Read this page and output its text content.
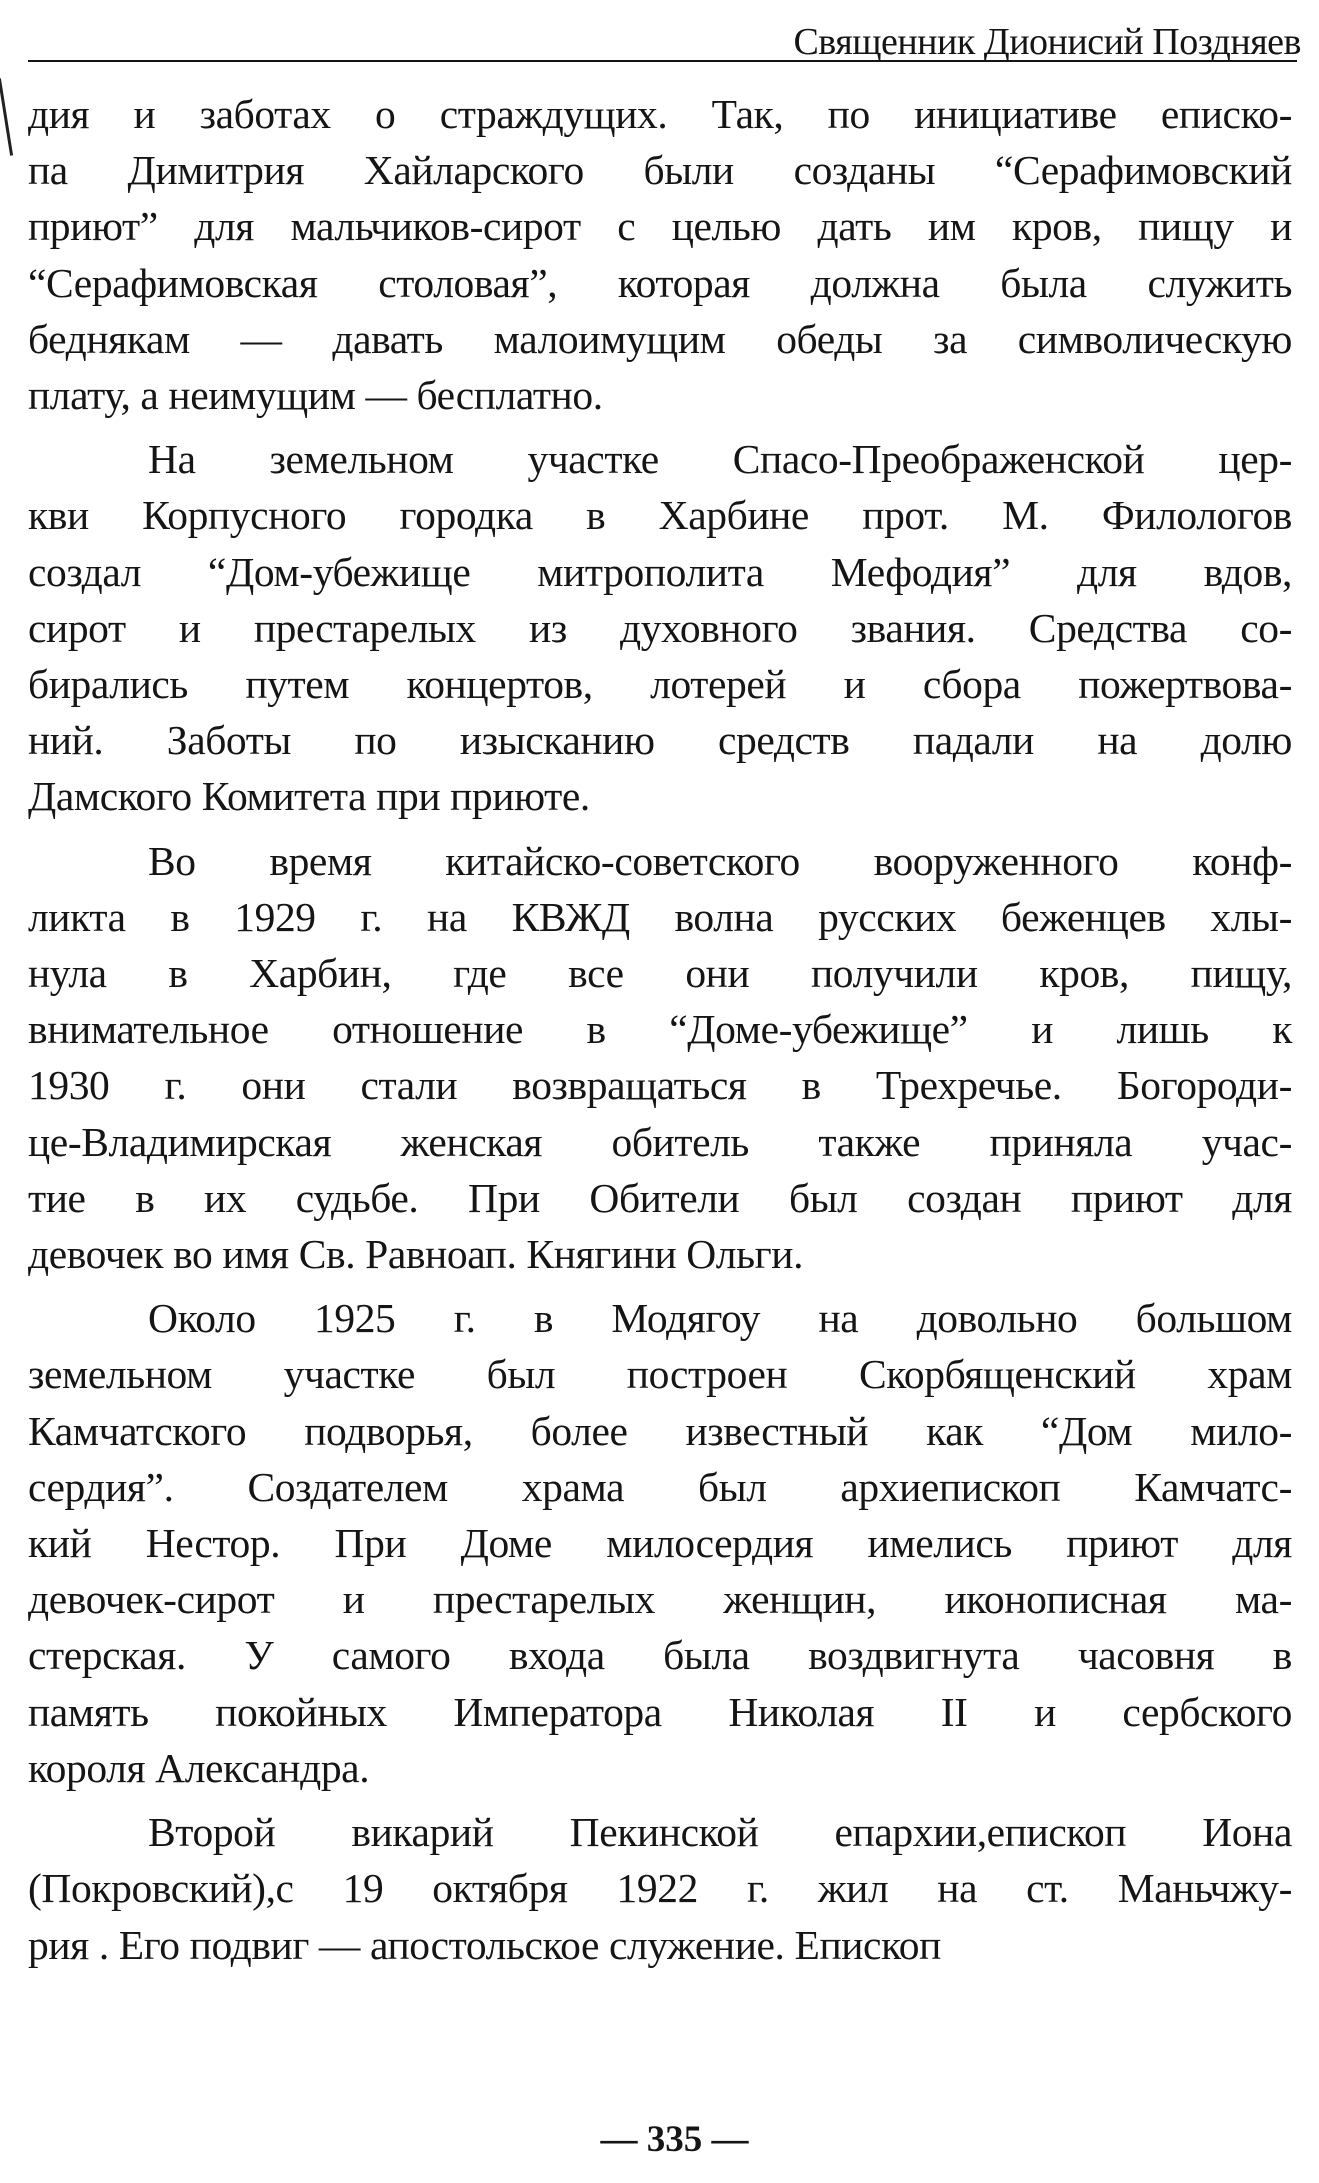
Священник Дионисий Поздняев

дия и заботах о страждущих. Так, по инициативе еписко-
па Димитрия Хайларского были созданы “Серафимовский
приют” для мальчиков-сирот с целью дать им кров, пищу и
“Серафимовская столовая”, которая должна была служить
беднякам — давать малоимущим обеды за символическую
плату, а неимущим — бесплатно.

На земельном участке Спасо-Преображенской цер-
кви Корпусного городка в Харбине прот. М. Филологов
создал “Дом-убежище митрополита Мефодия” для вдов,
сирот и престарелых из духовного звания. Средства со-
бирались путем концертов, лотерей и сбора пожертвова-
ний. Заботы по изысканию средств падали на долю
Дамского Комитета при приюте.

Во время китайско-советского вооруженного конф-
ликта в 1929 г. на КВЖД волна русских беженцев хлы-
нула в Харбин, где все они получили кров, пищу,
внимательное отношение в “Доме-убежище” и лишь к
1930 г. они стали возвращаться в Трехречье. Богороди-
це-Владимирская женская обитель также приняла учас-
тие в их судьбе. При Обители был создан приют для
девочек во имя Св. Равноап. Княгини Ольги.

Около 1925 г. в Модягоу на довольно большом
земельном участке был построен Скорбященский храм
Камчатского подворья, более известный как “Дом мило-
сердия”. Создателем храма был архиепископ Камчатс-
кий Нестор. При Доме милосердия имелись приют для
девочек-сирот и престарелых женщин, иконописная ма-
стерская. У самого входа была воздвигнута часовня в
память покойных Императора Николая II и сербского
короля Александра.

Второй викарий Пекинской епархии,епископ Иона
(Покровский),с 19 октября 1922 г. жил на ст. Маньчжу-
рия . Его подвиг — апостольское служение. Епископ

— 335 —
